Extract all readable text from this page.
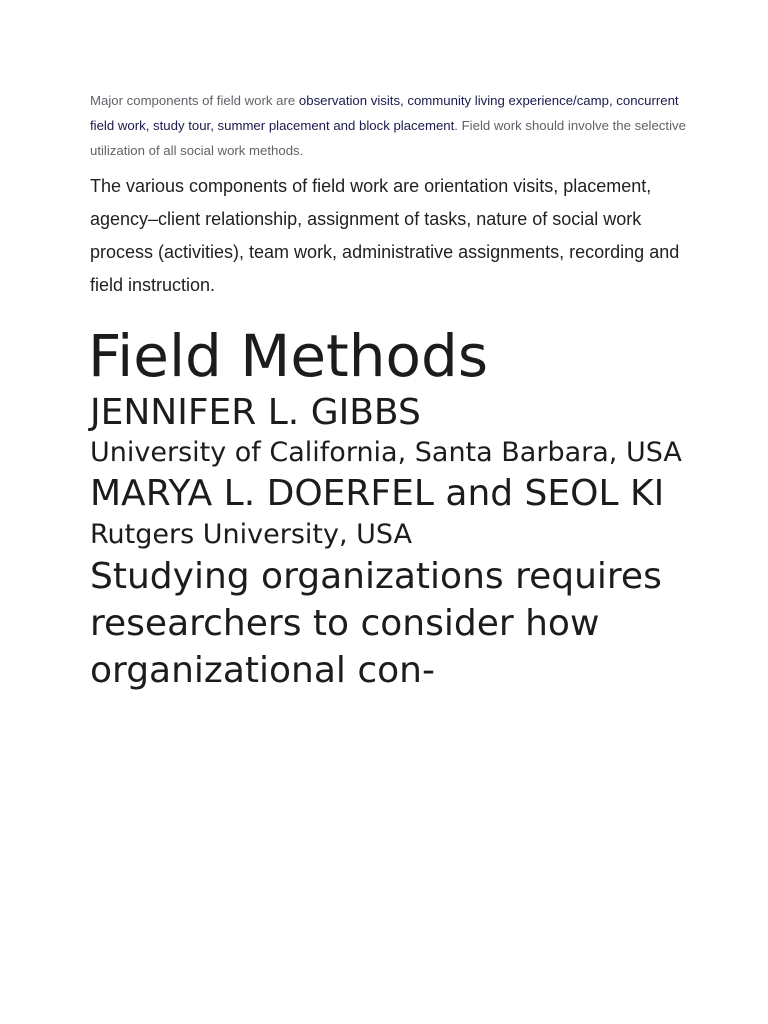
Major components of field work are observation visits, community living experience/camp, concurrent field work, study tour, summer placement and block placement. Field work should involve the selective utilization of all social work methods.

The various components of field work are orientation visits, placement, agency–client relationship, assignment of tasks, nature of social work process (activities), team work, administrative assignments, recording and field instruction.

Field Methods
JENNIFER L. GIBBS
University of California, Santa Barbara, USA
MARYA L. DOERFEL and SEOL KI
Rutgers University, USA
Studying organizations requires researchers to consider how organizational con-
